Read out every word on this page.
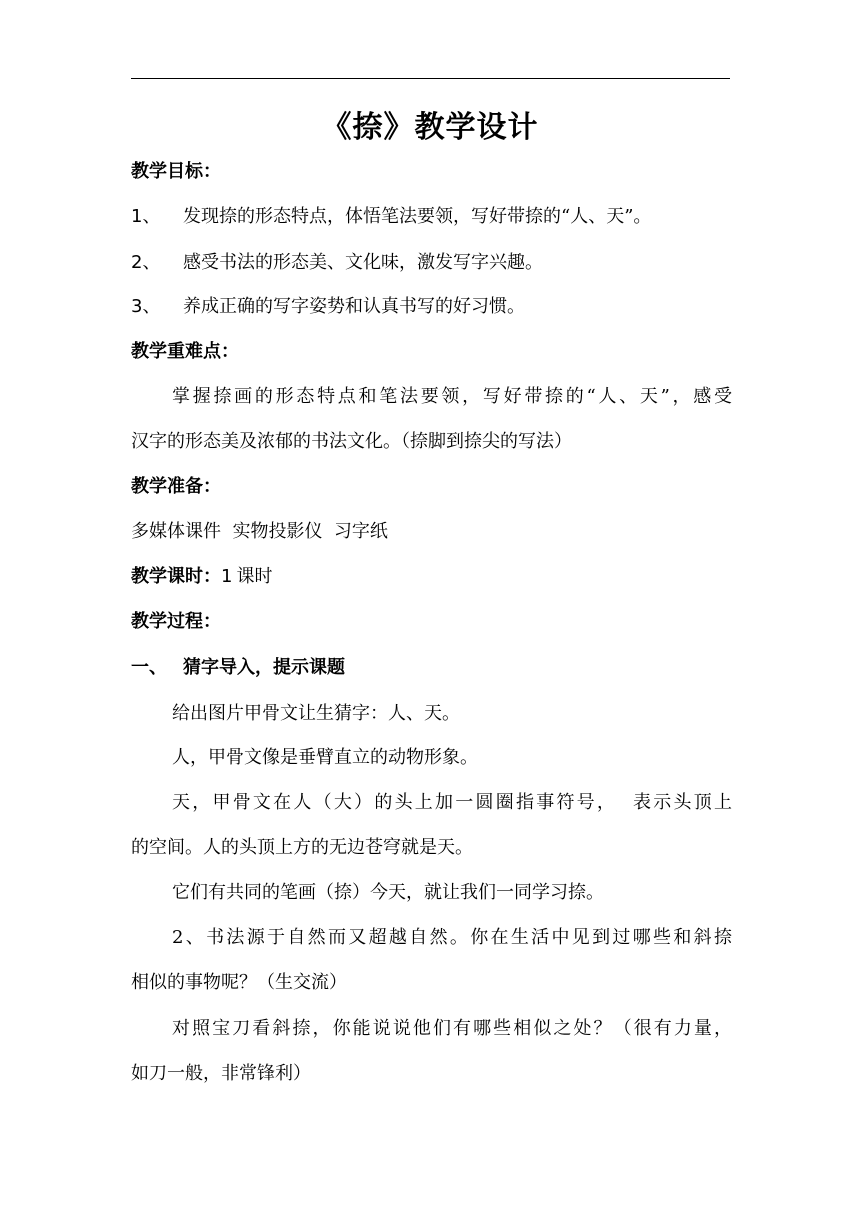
《捺》教学设计
教学目标：
1、 发现捺的形态特点，体悟笔法要领，写好带捺的“人、天”。
2、 感受书法的形态美、文化味，激发写字兴趣。
3、 养成正确的写字姿势和认真书写的好习惯。
教学重难点：
掌握捺画的形态特点和笔法要领，写好带捺的“人、天”，感受
汉字的形态美及浓郁的书法文化。（捺脚到捺尖的写法）
教学准备：
多媒体课件  实物投影仪  习字纸
教学课时：1 课时
教学过程：
一、 猜字导入，提示课题
给出图片甲骨文让生猜字：人、天。
人，甲骨文像是垂臂直立的动物形象。
天，甲骨文在人（大）的头上加一圆圈指事符号，  表示头顶上
的空间。人的头顶上方的无边苍穹就是天。
它们有共同的笔画（捺）今天，就让我们一同学习捺。
2、书法源于自然而又超越自然。你在生活中见到过哪些和斜捺
相似的事物呢？（生交流）
对照宝刀看斜捺，你能说说他们有哪些相似之处？（很有力量，
如刀一般，非常锋利）
